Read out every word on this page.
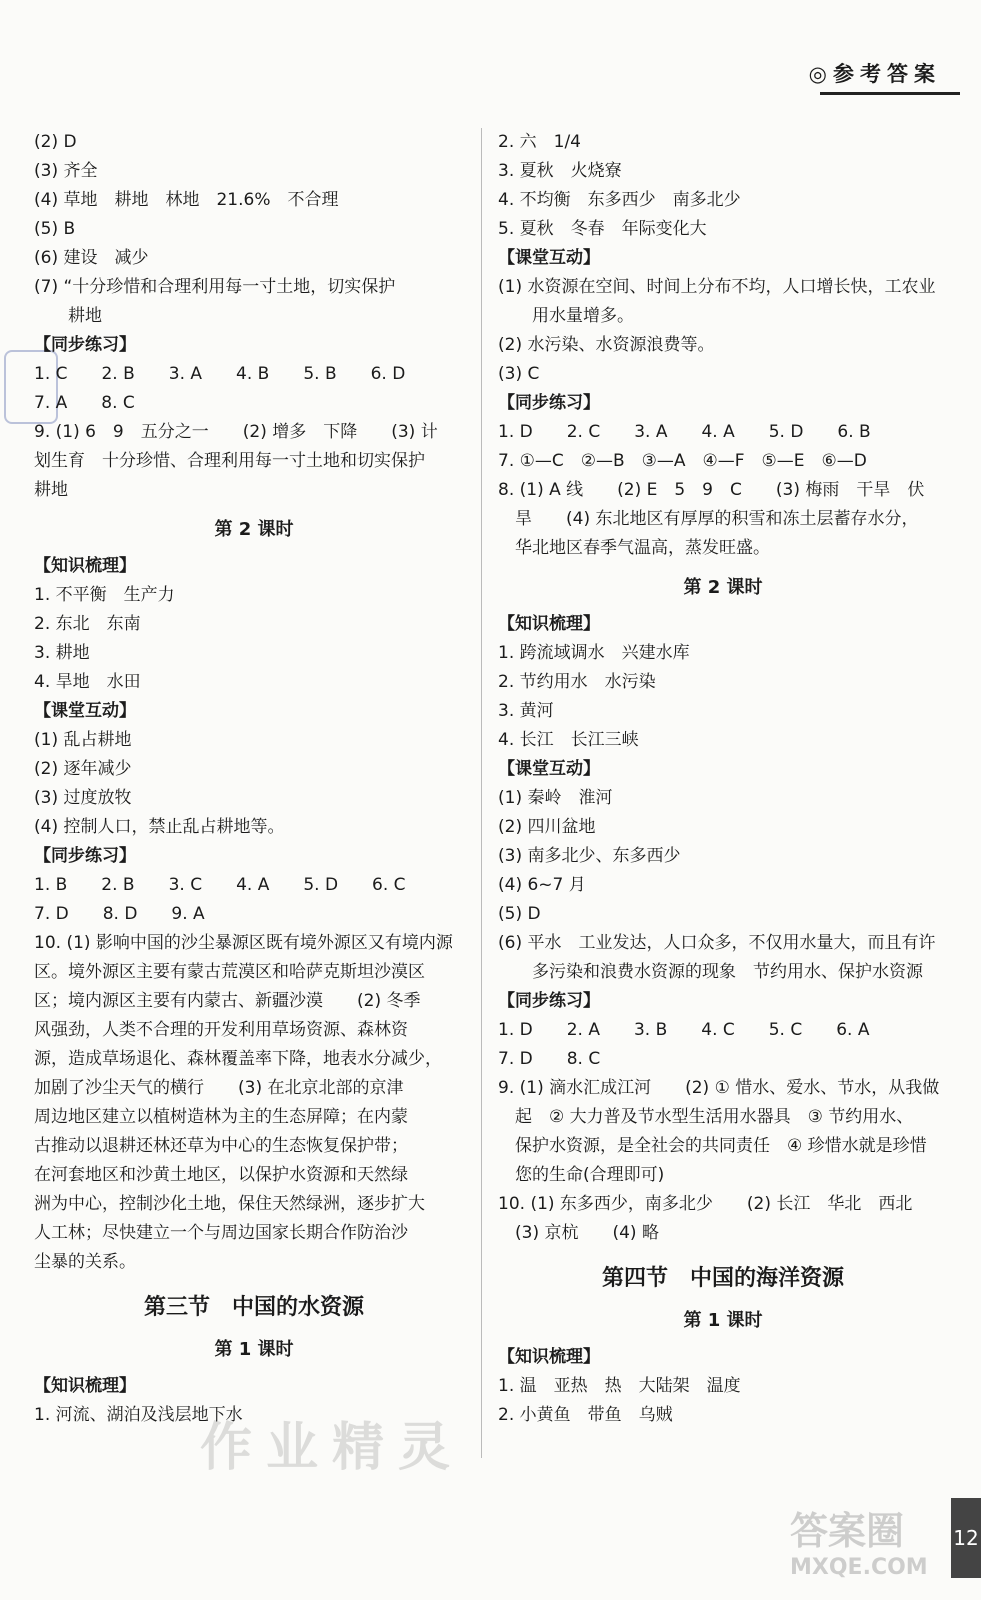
◎参考答案
(2) D
(3) 齐全
(4) 草地　耕地　林地　21.6%　不合理
(5) B
(6) 建设　减少
(7) “十分珍惜和合理利用每一寸土地，切实保护
　　耕地
【同步练习】
1. C　　2. B　　3. A　　4. B　　5. B　　6. D
7. A　　8. C
9. (1) 6　9　五分之一　　(2) 增多　下降　　(3) 计
划生育　十分珍惜、合理利用每一寸土地和切实保护
耕地
第 2 课时
【知识梳理】
1. 不平衡　生产力
2. 东北　东南
3. 耕地
4. 旱地　水田
【课堂互动】
(1) 乱占耕地
(2) 逐年减少
(3) 过度放牧
(4) 控制人口，禁止乱占耕地等。
【同步练习】
1. B　　2. B　　3. C　　4. A　　5. D　　6. C
7. D　　8. D　　9. A
10. (1) 影响中国的沙尘暴源区既有境外源区又有境内源
区。境外源区主要有蒙古荒漠区和哈萨克斯坦沙漠区
区；境内源区主要有内蒙古、新疆沙漠　　(2) 冬季
风强劲，人类不合理的开发利用草场资源、森林资
源，造成草场退化、森林覆盖率下降，地表水分减少，
加剧了沙尘天气的横行　　(3) 在北京北部的京津
周边地区建立以植树造林为主的生态屏障；在内蒙
古推动以退耕还林还草为中心的生态恢复保护带；
在河套地区和沙黄土地区，以保护水资源和天然绿
洲为中心，控制沙化土地，保住天然绿洲，逐步扩大
人工林；尽快建立一个与周边国家长期合作防治沙
尘暴的关系。
第三节　中国的水资源
第 1 课时
【知识梳理】
1. 河流、湖泊及浅层地下水
2. 六　1/4
3. 夏秋　火烧寮
4. 不均衡　东多西少　南多北少
5. 夏秋　冬春　年际变化大
【课堂互动】
(1) 水资源在空间、时间上分布不均，人口增长快，工农业
　　用水量增多。
(2) 水污染、水资源浪费等。
(3) C
【同步练习】
1. D　　2. C　　3. A　　4. A　　5. D　　6. B
7. ①—C　②—B　③—A　④—F　⑤—E　⑥—D
8. (1) A 线　　(2) E　5　9　C　　(3) 梅雨　干旱　伏
　旱　　(4) 东北地区有厚厚的积雪和冻土层蓄存水分，
　华北地区春季气温高，蒸发旺盛。
第 2 课时
【知识梳理】
1. 跨流域调水　兴建水库
2. 节约用水　水污染
3. 黄河
4. 长江　长江三峡
【课堂互动】
(1) 秦岭　淮河
(2) 四川盆地
(3) 南多北少、东多西少
(4) 6~7 月
(5) D
(6) 平水　工业发达，人口众多，不仅用水量大，而且有许
　　多污染和浪费水资源的现象　节约用水、保护水资源
【同步练习】
1. D　　2. A　　3. B　　4. C　　5. C　　6. A
7. D　　8. C
9. (1) 滴水汇成江河　　(2) ① 惜水、爱水、节水，从我做
　起　② 大力普及节水型生活用水器具　③ 节约用水、
　保护水资源，是全社会的共同责任　④ 珍惜水就是珍惜
　您的生命(合理即可)
10. (1) 东多西少，南多北少　　(2) 长江　华北　西北
　(3) 京杭　　(4) 略
第四节　中国的海洋资源
第 1 课时
【知识梳理】
1. 温　亚热　热　大陆架　温度
2. 小黄鱼　带鱼　乌贼
作业精灵
12
答案圈
MXQE.COM
